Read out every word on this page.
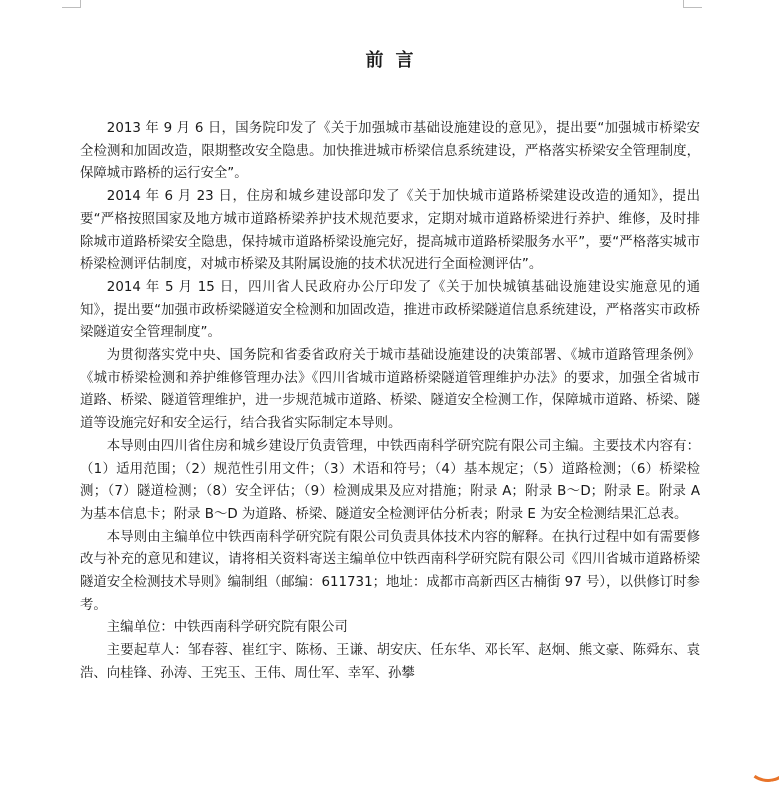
前言

2013 年 9 月 6 日，国务院印发了《关于加强城市基础设施建设的意见》，提出要“加强城市桥梁安全检测和加固改造，限期整改安全隐患。加快推进城市桥梁信息系统建设，严格落实桥梁安全管理制度，保障城市路桥的运行安全”。

2014 年 6 月 23 日，住房和城乡建设部印发了《关于加快城市道路桥梁建设改造的通知》，提出要“严格按照国家及地方城市道路桥梁养护技术规范要求，定期对城市道路桥梁进行养护、维修，及时排除城市道路桥梁安全隐患，保持城市道路桥梁设施完好，提高城市道路桥梁服务水平”，要“严格落实城市桥梁检测评估制度，对城市桥梁及其附属设施的技术状况进行全面检测评估”。

2014 年 5 月 15 日，四川省人民政府办公厅印发了《关于加快城镇基础设施建设实施意见的通知》，提出要“加强市政桥梁隧道安全检测和加固改造，推进市政桥梁隧道信息系统建设，严格落实市政桥梁隧道安全管理制度”。

为贯彻落实党中央、国务院和省委省政府关于城市基础设施建设的决策部署、《城市道路管理条例》《城市桥梁检测和养护维修管理办法》《四川省城市道路桥梁隧道管理维护办法》的要求，加强全省城市道路、桥梁、隧道管理维护，进一步规范城市道路、桥梁、隧道安全检测工作，保障城市道路、桥梁、隧道等设施完好和安全运行，结合我省实际制定本导则。

本导则由四川省住房和城乡建设厅负责管理，中铁西南科学研究院有限公司主编。主要技术内容有：（1）适用范围；（2）规范性引用文件；（3）术语和符号；（4）基本规定；（5）道路检测；（6）桥梁检测；（7）隧道检测；（8）安全评估；（9）检测成果及应对措施；附录 A；附录 B～D；附录 E。附录 A 为基本信息卡；附录 B～D 为道路、桥梁、隧道安全检测评估分析表；附录 E 为安全检测结果汇总表。

本导则由主编单位中铁西南科学研究院有限公司负责具体技术内容的解释。在执行过程中如有需要修改与补充的意见和建议，请将相关资料寄送主编单位中铁西南科学研究院有限公司《四川省城市道路桥梁隧道安全检测技术导则》编制组（邮编：611731；地址：成都市高新西区古楠街 97 号），以供修订时参考。

主编单位：中铁西南科学研究院有限公司

主要起草人：邹春蓉、崔红宇、陈杨、王谦、胡安庆、任东华、邓长军、赵炯、熊文豪、陈舜东、袁浩、向桂锋、孙涛、王宪玉、王伟、周仕军、幸军、孙攀
